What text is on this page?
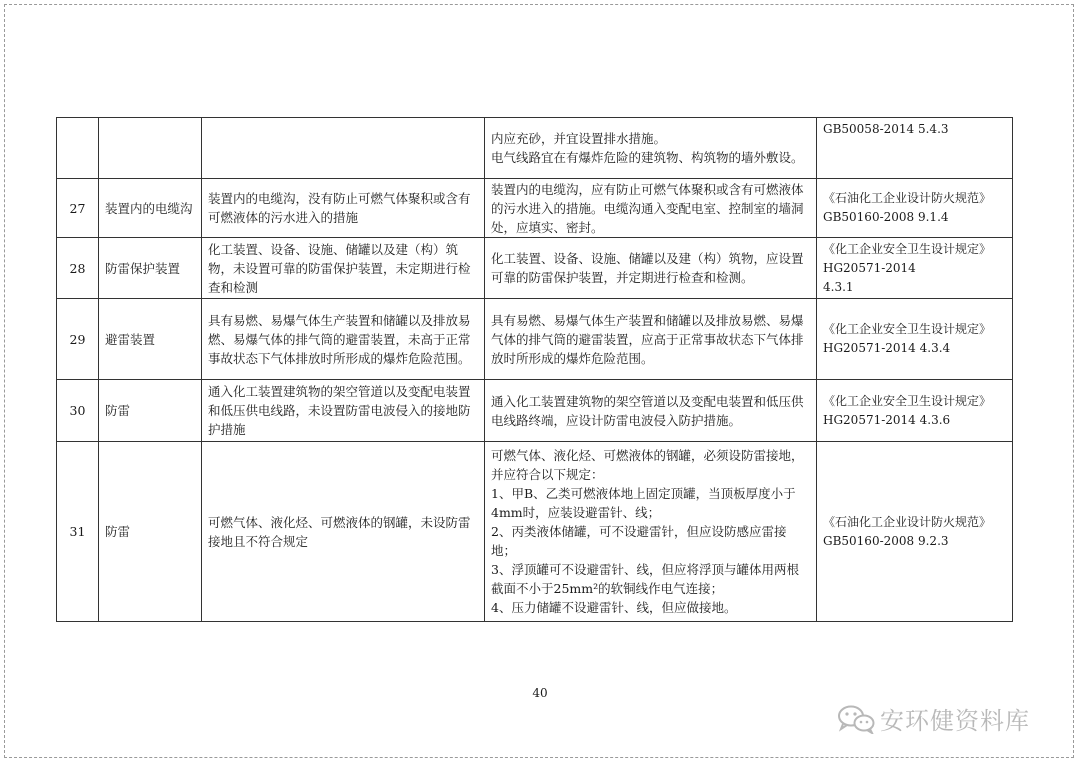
			内应充砂，并宜设置排水措施。
电气线路宜在有爆炸危险的建筑物、构筑物的墙外敷设。	GB50058-2014 5.4.3

27	装置内的电缆沟	装置内的电缆沟，没有防止可燃气体聚积或含有可燃液体的污水进入的措施	装置内的电缆沟，应有防止可燃气体聚积或含有可燃液体的污水进入的措施。电缆沟通入变配电室、控制室的墙洞处，应填实、密封。	《石油化工企业设计防火规范》
GB50160-2008 9.1.4

28	防雷保护装置	化工装置、设备、设施、储罐以及建（构）筑物，未设置可靠的防雷保护装置，未定期进行检查和检测	化工装置、设备、设施、储罐以及建（构）筑物，应设置可靠的防雷保护装置，并定期进行检查和检测。	《化工企业安全卫生设计规定》
HG20571-2014
4.3.1

29	避雷装置	具有易燃、易爆气体生产装置和储罐以及排放易燃、易爆气体的排气筒的避雷装置，未高于正常事故状态下气体排放时所形成的爆炸危险范围。	具有易燃、易爆气体生产装置和储罐以及排放易燃、易爆气体的排气筒的避雷装置，应高于正常事故状态下气体排放时所形成的爆炸危险范围。	《化工企业安全卫生设计规定》
HG20571-2014 4.3.4

30	防雷	通入化工装置建筑物的架空管道以及变配电装置和低压供电线路，未设置防雷电波侵入的接地防护措施	通入化工装置建筑物的架空管道以及变配电装置和低压供电线路终端，应设计防雷电波侵入防护措施。	《化工企业安全卫生设计规定》
HG20571-2014 4.3.6

31	防雷	可燃气体、液化烃、可燃液体的钢罐，未设防雷接地且不符合规定	可燃气体、液化烃、可燃液体的钢罐，必须设防雷接地，并应符合以下规定：
1、甲B、乙类可燃液体地上固定顶罐，当顶板厚度小于4mm时，应装设避雷针、线；
2、丙类液体储罐，可不设避雷针，但应设防感应雷接地；
3、浮顶罐可不设避雷针、线，但应将浮顶与罐体用两根截面不小于25mm²的软铜线作电气连接；
4、压力储罐不设避雷针、线，但应做接地。	《石油化工企业设计防火规范》
GB50160-2008 9.2.3
40
安环健资料库
